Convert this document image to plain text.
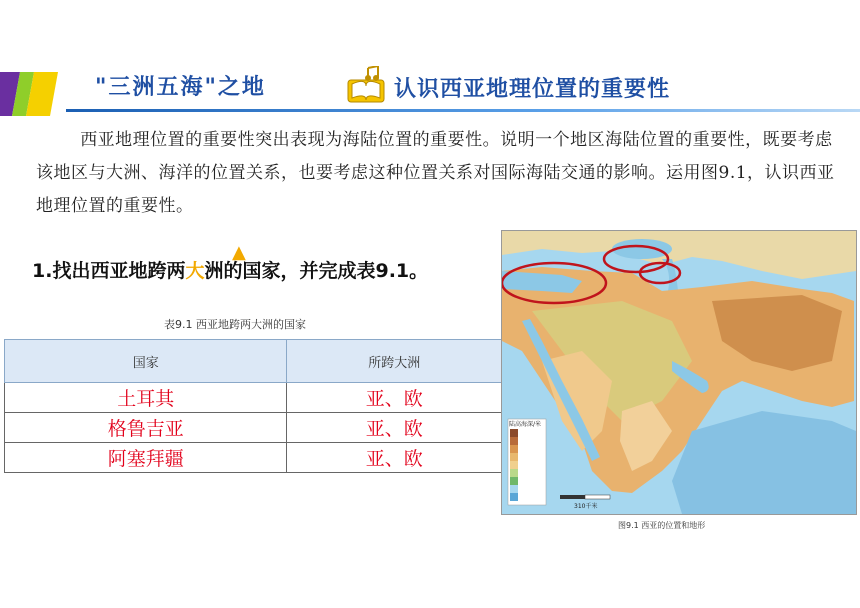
"三洲五海"之地	认识西亚地理位置的重要性
西亚地理位置的重要性突出表现为海陆位置的重要性。说明一个地区海陆位置的重要性，既要考虑该地区与大洲、海洋的位置关系，也要考虑这种位置关系对国际海陆交通的影响。运用图9.1，认识西亚地理位置的重要性。
1.找出西亚地跨两大洲的国家，并完成表9.1。
▲
表9.1 西亚地跨两大洲的国家
国家	所跨大洲
土耳其	亚、欧
格鲁吉亚	亚、欧
阿塞拜疆	亚、欧
陆高海深/米
310千米
图9.1 西亚的位置和地形
